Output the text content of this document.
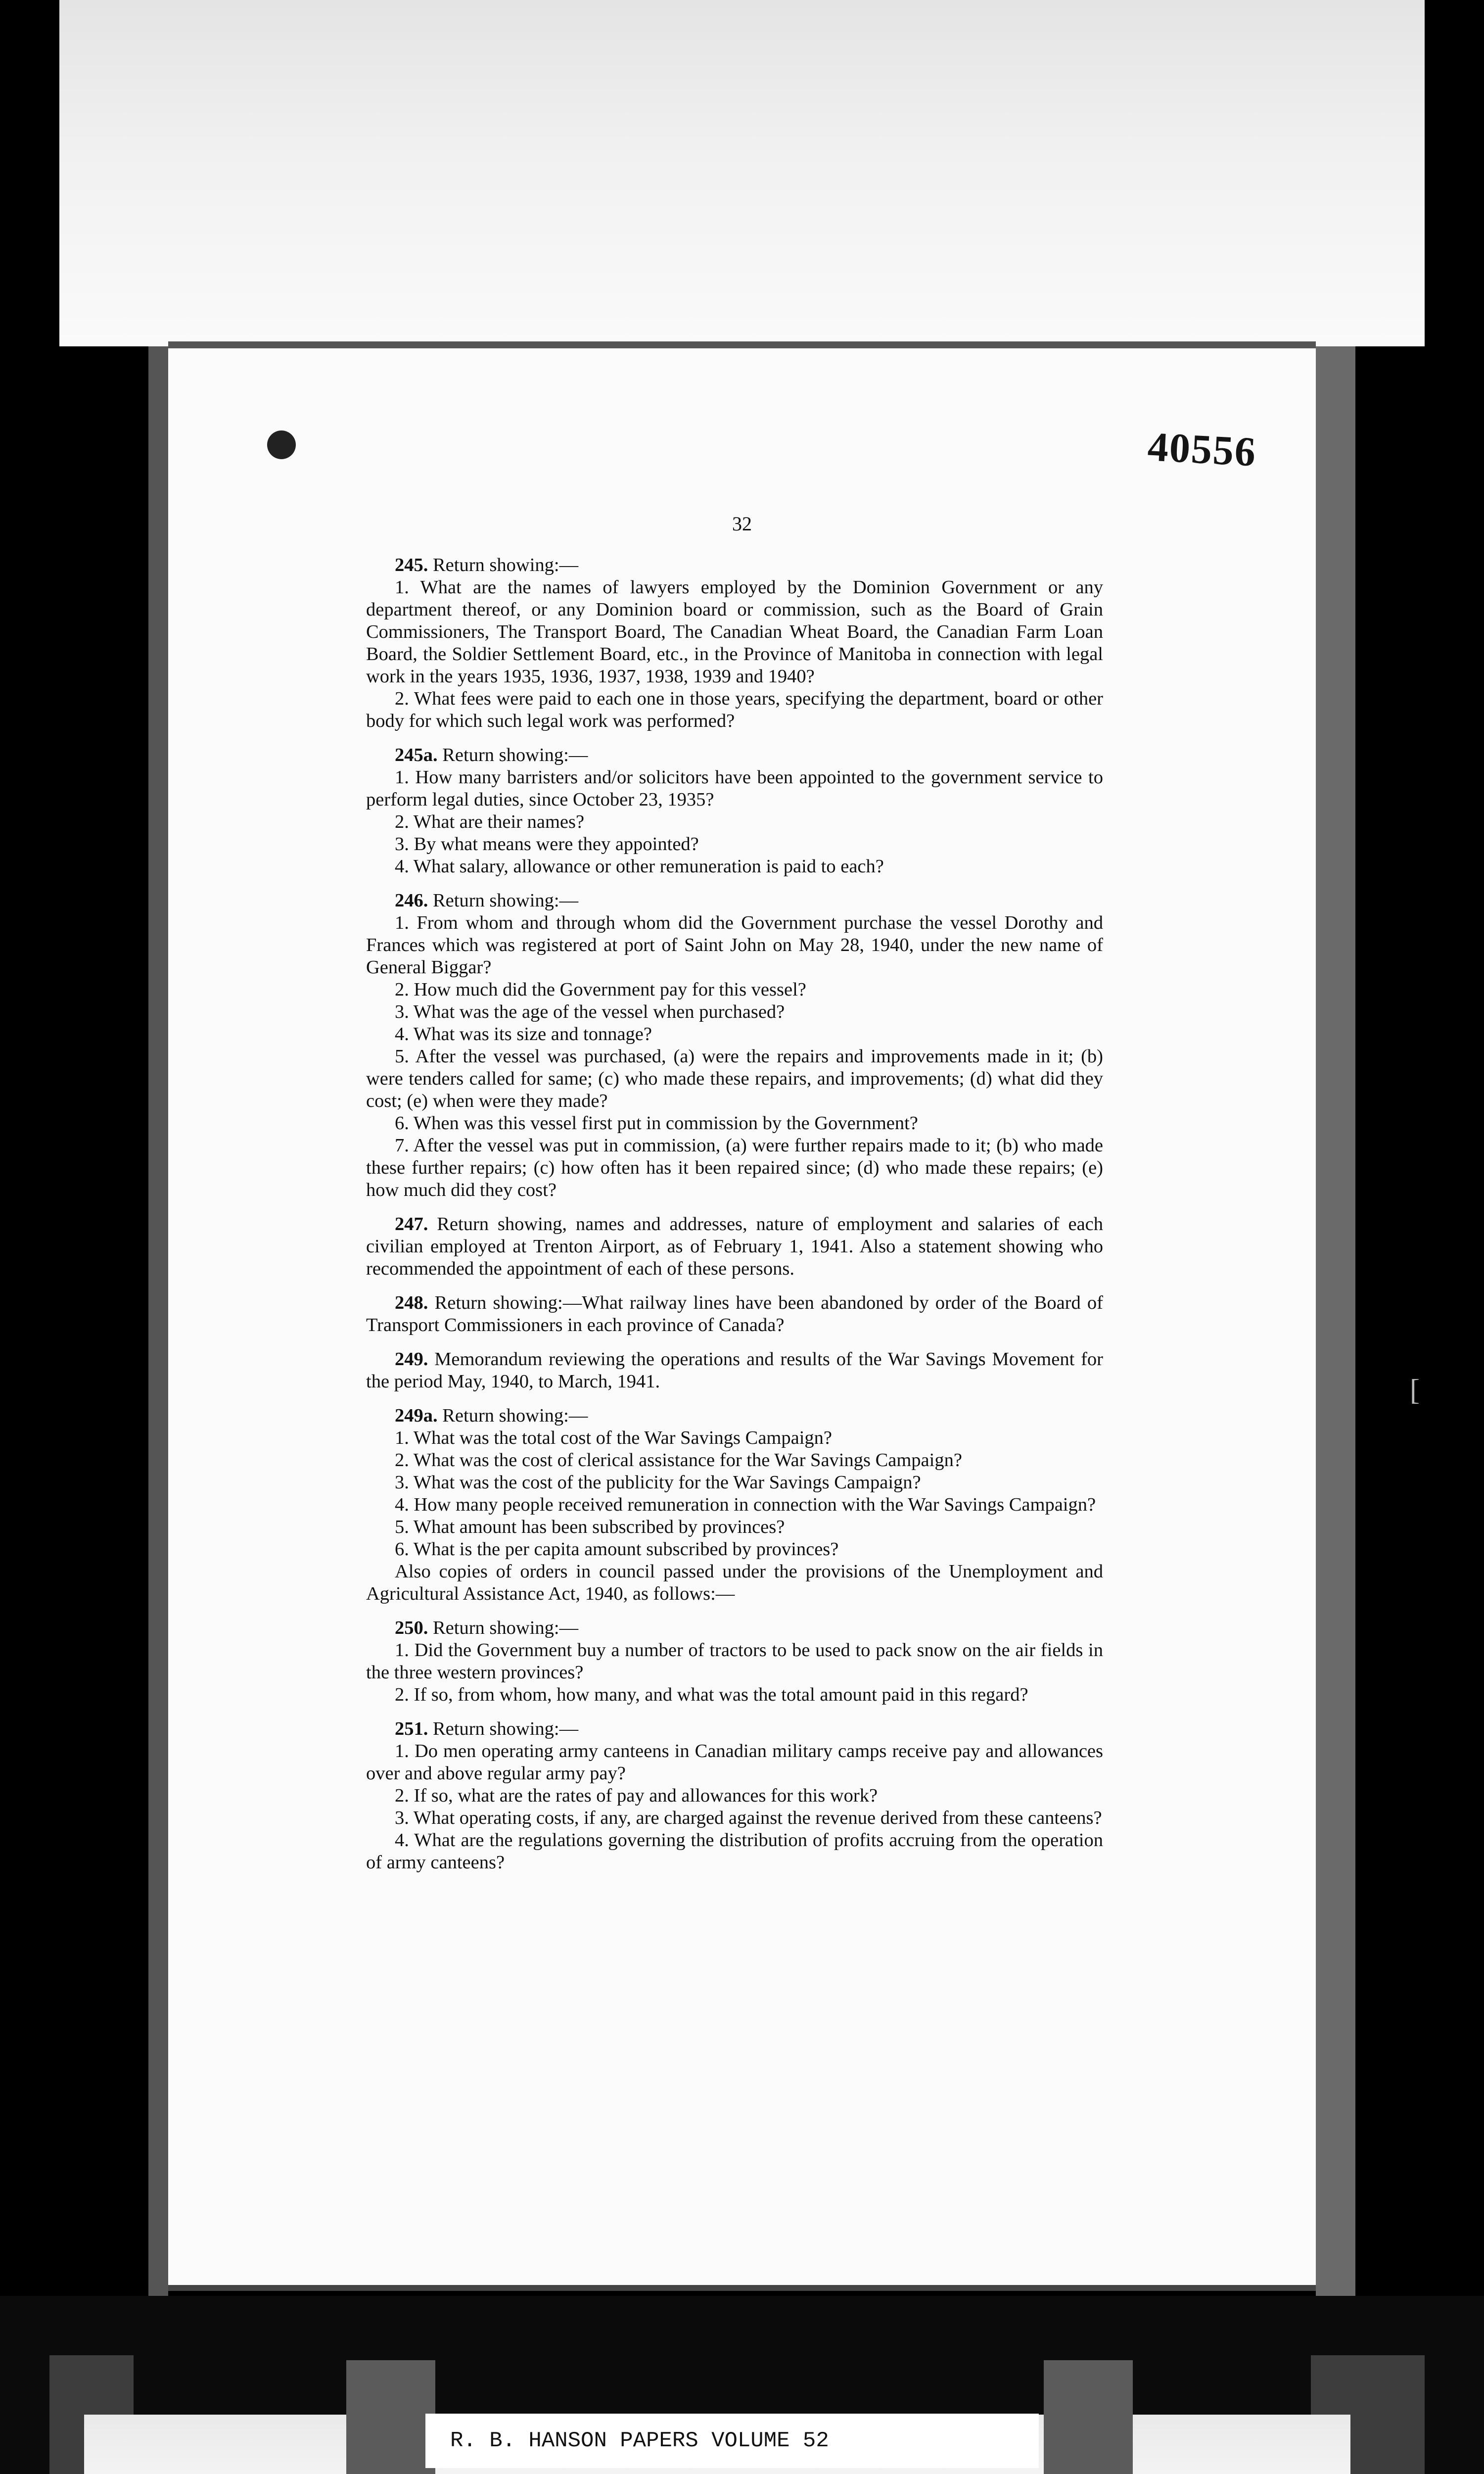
40556
32

245. Return showing:—

1. What are the names of lawyers employed by the Dominion Government or any department thereof, or any Dominion board or commission, such as the Board of Grain Commissioners, The Transport Board, The Canadian Wheat Board, the Canadian Farm Loan Board, the Soldier Settlement Board, etc., in the Province of Manitoba in connection with legal work in the years 1935, 1936, 1937, 1938, 1939 and 1940?

2. What fees were paid to each one in those years, specifying the department, board or other body for which such legal work was performed?

245a. Return showing:—

1. How many barristers and/or solicitors have been appointed to the government service to perform legal duties, since October 23, 1935?

2. What are their names?

3. By what means were they appointed?

4. What salary, allowance or other remuneration is paid to each?

246. Return showing:—

1. From whom and through whom did the Government purchase the vessel Dorothy and Frances which was registered at port of Saint John on May 28, 1940, under the new name of General Biggar?

2. How much did the Government pay for this vessel?

3. What was the age of the vessel when purchased?

4. What was its size and tonnage?

5. After the vessel was purchased, (a) were the repairs and improvements made in it; (b) were tenders called for same; (c) who made these repairs, and improvements; (d) what did they cost; (e) when were they made?

6. When was this vessel first put in commission by the Government?

7. After the vessel was put in commission, (a) were further repairs made to it; (b) who made these further repairs; (c) how often has it been repaired since; (d) who made these repairs; (e) how much did they cost?

247. Return showing, names and addresses, nature of employment and salaries of each civilian employed at Trenton Airport, as of February 1, 1941. Also a statement showing who recommended the appointment of each of these persons.

248. Return showing:—What railway lines have been abandoned by order of the Board of Transport Commissioners in each province of Canada?

249. Memorandum reviewing the operations and results of the War Savings Movement for the period May, 1940, to March, 1941.

249a. Return showing:—

1. What was the total cost of the War Savings Campaign?

2. What was the cost of clerical assistance for the War Savings Campaign?

3. What was the cost of the publicity for the War Savings Campaign?

4. How many people received remuneration in connection with the War Savings Campaign?

5. What amount has been subscribed by provinces?

6. What is the per capita amount subscribed by provinces?

Also copies of orders in council passed under the provisions of the Unemployment and Agricultural Assistance Act, 1940, as follows:—

250. Return showing:—

1. Did the Government buy a number of tractors to be used to pack snow on the air fields in the three western provinces?

2. If so, from whom, how many, and what was the total amount paid in this regard?

251. Return showing:—

1. Do men operating army canteens in Canadian military camps receive pay and allowances over and above regular army pay?

2. If so, what are the rates of pay and allowances for this work?

3. What operating costs, if any, are charged against the revenue derived from these canteens?

4. What are the regulations governing the distribution of profits accruing from the operation of army canteens?

[
R. B. HANSON PAPERS VOLUME 52
